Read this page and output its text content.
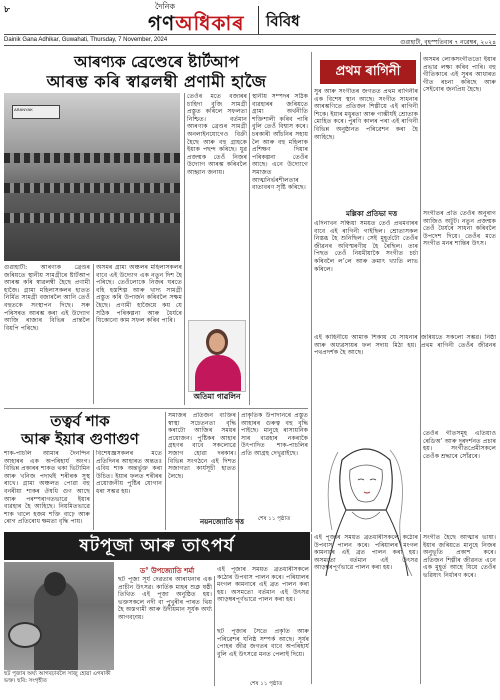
৮	দৈনিক
গণঅধিকাৰ বিবিধ
Dainik Gana Adhikar, Guwahati, Thursday, 7 November, 2024	গুৱাহাটী, বৃহস্পতিবাৰ ৭ নৱেম্বৰ, ২০২৪
আৰণ্যক ব্ৰেণ্ডেৰে ষ্টাৰ্টআপ
আৰম্ভ কৰি স্বাৱলম্বী প্ৰণামী হাজৈ
ARANYAK
গুৱাহাটী: আৰণ্যক ব্ৰেণ্ডৰ জৰিয়তে স্থানীয় সামগ্ৰীৰে ষ্টাৰ্টআপ আৰম্ভ কৰি স্বাৱলম্বী হৈছে প্ৰণামী হাজৈ। গ্ৰাম্য মহিলাসকলৰ হাতত নিৰ্মিত সামগ্ৰী বজাৰলৈ আনি তেওঁ বহুতকে সংস্থাপন দিছে। সৰু পৰিসৰত আৰম্ভ কৰা এই উদ্যোগ আজি ৰাজ্যৰ বিভিন্ন প্ৰান্তলৈ বিয়পি পৰিছে।
অসমৰ গ্ৰাম্য অঞ্চলৰ মহিলাসকলৰ বাবে এই উদ্যোগ এক নতুন দিশ হৈ পৰিছে। তেওঁলোকে নিজৰ ঘৰতে বহি হস্তশিল্প আৰু খাদ্য সামগ্ৰী প্ৰস্তুত কৰি উপাৰ্জন কৰিবলৈ সক্ষম হৈছে। প্ৰণামী হাজৈয়ে কয় যে সঠিক পৰিকল্পনা আৰু ধৈৰ্যৰে যিকোনো কাম সফল কৰিব পাৰি।
তেওঁৰ মতে বজাৰৰ চাহিদা বুজি সামগ্ৰী প্ৰস্তুত কৰিলে সফলতা নিশ্চিত। বৰ্তমান আৰণ্যক ব্ৰেণ্ডৰ সামগ্ৰী অনলাইনযোগেও বিক্ৰী হৈছে আৰু বহু গ্ৰাহকে ইয়াক পছন্দ কৰিছে। যুৱ প্ৰজন্মক তেওঁ নিজৰ উদ্যোগ আৰম্ভ কৰিবলৈ আহ্বান জনায়।
অতিমা গাৱলিন
স্থানীয় সম্পদৰ সঠিক ব্যৱহাৰৰ জৰিয়তে গ্ৰাম্য অৰ্থনীতি শক্তিশালী কৰিব পাৰি বুলি তেওঁ বিশ্বাস কৰে। চৰকাৰী আঁচনিৰ সহায় লৈ আৰু বহু মহিলাক প্ৰশিক্ষণ দিয়াৰ পৰিকল্পনা তেওঁৰ আছে। এনে উদ্যোগে সমাজত আত্মনিৰ্ভৰশীলতাৰ বাতাবৰণ সৃষ্টি কৰিছে।
তত্বৰ্ব শাক
আৰু ইয়াৰ গুণাগুণ
শাক-পাচলি আমাৰ দৈনন্দিন আহাৰৰ এক অপৰিহাৰ্য অংগ। বিভিন্ন প্ৰকাৰৰ শাকত থকা ভিটামিন আৰু খনিজ পদাৰ্থই শৰীৰক সুস্থ ৰাখে। গ্ৰাম্য অঞ্চলত পোৱা বহু বনৰীয়া শাকৰ ঔষধি গুণ আছে আৰু পৰম্পৰাগতভাৱে ইয়াৰ ব্যৱহাৰ হৈ আহিছে। নিয়মিতভাৱে শাক খালে হজম শক্তি বাঢ়ে আৰু ৰোগ প্ৰতিৰোধ ক্ষমতা বৃদ্ধি পায়।
বিশেষজ্ঞসকলৰ মতে প্ৰতিদিনৰ আহাৰত অন্ততঃ এবিধ শাক অন্তৰ্ভুক্ত কৰা উচিত। ইয়াৰ ফলত শৰীৰৰ প্ৰয়োজনীয় পুষ্টিৰ যোগান ধৰা সম্ভৱ হয়।
সমাজৰ প্ৰতিজন ব্যক্তিৰ স্বাস্থ্য সচেতনতা বৃদ্ধি কৰাটো আজিৰ সময়ৰ প্ৰয়োজন। পুষ্টিকৰ আহাৰ গ্ৰহণৰ বাবে সকলোৱে সজাগ হোৱা দৰকাৰ। বিভিন্ন সংগঠনে এই দিশত সজাগতা কাৰ্যসূচী হাতত লৈছে।
প্ৰাকৃতিক উপাদানৰে প্ৰস্তুত আহাৰৰ গুৰুত্ব বহু বৃদ্ধি পাইছে। মানুহে ৰাসায়নিক সাৰ ব্যৱহাৰ নকৰাকৈ উৎপাদিত শাক-পাচলিৰ প্ৰতি আগ্ৰহ দেখুৱাইছে।
নয়নজ্যোতি দত্ত	শেষ ১১ পৃষ্ঠাত
প্ৰথম ৰাগিনী
সুৰ আৰু সংগীতৰ জগতত প্ৰথম ৰাগিনীৰ এক বিশেষ স্থান আছে। সংগীত সাধনাৰ আৰম্ভণিতে প্ৰতিজন শিল্পীয়ে এই ৰাগিনী শিকে। ইয়াৰ মধুৰতা আৰু গাম্ভীৰ্যই শ্ৰোতাক মোহিত কৰে। পুৰণি কালৰ পৰা এই ৰাগিনী বিভিন্ন অনুষ্ঠানত পৰিৱেশন কৰা হৈ আহিছে।
অসমৰ লোকসংগীততো ইয়াৰ প্ৰভাৱ লক্ষ্য কৰিব পাৰি। বহু গীতিকাৰে এই সুৰৰ আধাৰত গীত ৰচনা কৰিছে আৰু সেইবোৰ জনপ্ৰিয় হৈছে।
মল্লিকা প্ৰতিভা দত্ত
এদিনাখন সন্ধিয়া সময়ত তেওঁ প্ৰথমবাৰৰ বাবে এই ৰাগিনী গাইছিল। শ্ৰোতাসকল নিস্তব্ধ হৈ শুনিছিল। সেই মুহূৰ্তটো তেওঁৰ জীৱনৰ অবিস্মৰণীয় হৈ ৰৈছিল। তাৰ পিছত তেওঁ নিয়মীয়াকৈ সংগীত চৰ্চা কৰিবলৈ ল’লে আৰু ক্ৰমাৎ খ্যাতি লাভ কৰিলে।
সংগীতৰ প্ৰতি তেওঁৰ অনুৰাগ আজিও অটুট। নতুন প্ৰজন্মক তেওঁ ধৈৰ্যৰে সাধনা কৰিবলৈ উপদেশ দিয়ে। তেওঁৰ মতে সংগীত মনৰ শান্তিৰ উৎস।
এই কাহিনীয়ে আমাক শিকায় যে সাধনাৰ জৰিয়তে সকলো সম্ভৱ। নিষ্ঠা আৰু অধ্যৱসায়ৰ ফল সদায় মিঠা হয়। প্ৰথম ৰাগিনী তেওঁৰ জীৱনৰ পথপ্ৰদৰ্শক হৈ আছে।
তেওঁৰ গীতসমূহ এতিয়াও ৰেডিঅ’ আৰু দূৰদৰ্শনত প্ৰচাৰ হয়। সংগীতপ্ৰেমীসকলে তেওঁক শ্ৰদ্ধাৰে সোঁৱৰে।
সংগীত হৈছে আত্মাৰ ভাষা। ইয়াৰ জৰিয়তে মানুহে নিজৰ অনুভূতি প্ৰকাশ কৰে। প্ৰতিজন শিল্পীৰ জীৱনত এনে এক মুহূৰ্ত আহে যিয়ে তেওঁৰ ভৱিষ্যৎ নিৰ্ধাৰণ কৰে।
ষটপূজা আৰু তাৎপৰ্য
ছট পূজাৰ অৰ্ঘ্য আগবঢ়াবলৈ সাজু হোৱা এগৰাকী ভক্ত। ছবি: সংগৃহীত
ড° উপজ্যোতি শৰ্মা
ছট পূজা সূৰ্য দেৱতাৰ আৰাধনাৰ এক প্ৰাচীন উৎসৱ। কাৰ্তিক মাহৰ শুক্ল ষষ্ঠী তিথিত এই পূজা অনুষ্ঠিত হয়। ভক্তসকলে নদী বা পুখুৰীৰ পাৰত থিয় হৈ অস্তগামী আৰু উদীয়মান সূৰ্যক অৰ্ঘ্য আগবঢ়ায়।
এই পূজাৰ সময়ত ব্ৰতধাৰীসকলে কঠোৰ উপবাস পালন কৰে। পৰিয়ালৰ মংগল কামনাৰে এই ব্ৰত পালন কৰা হয়। অসমতো বৰ্তমান এই উৎসৱ আড়ম্বৰপূৰ্ণভাৱে পালন কৰা হয়।
ছট পূজাৰ সৈতে প্ৰকৃতি আৰু পৰিৱেশৰ ঘনিষ্ঠ সম্পৰ্ক আছে। সূৰ্যৰ পোহৰ জীৱ জগতৰ বাবে অপৰিহাৰ্য বুলি এই উৎসৱে মনত পেলাই দিয়ে।
এই পূজাৰ সময়ত ব্ৰতধাৰীসকলে কঠোৰ উপবাস পালন কৰে। পৰিয়ালৰ মংগল কামনাৰে এই ব্ৰত পালন কৰা হয়। অসমতো বৰ্তমান এই উৎসৱ আড়ম্বৰপূৰ্ণভাৱে পালন কৰা হয়।
শেষ ১১ পৃষ্ঠাত
